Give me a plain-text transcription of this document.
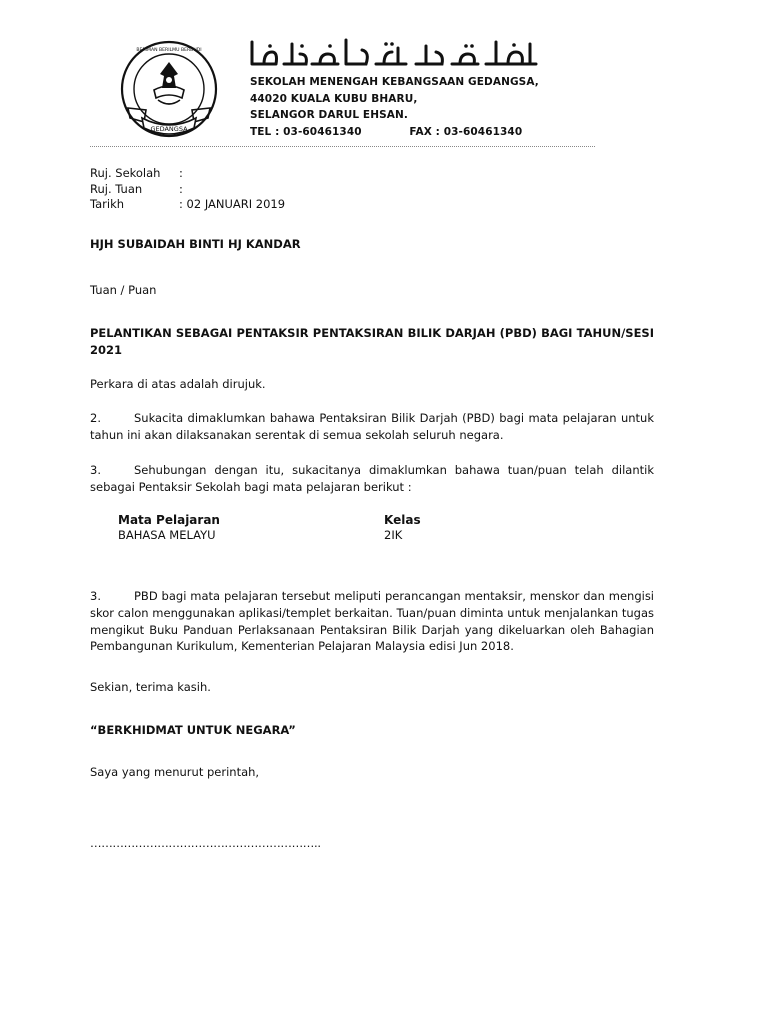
GEDANGSA
BERIMAN BERILMU BERBUDI
SEKOLAH MENENGAH KEBANGSAAN GEDANGSA,
44020 KUALA KUBU BHARU,
SELANGOR DARUL EHSAN.
TEL : 03-60461340	FAX : 03-60461340
Ruj. Sekolah	:
Ruj. Tuan	:
Tarikh	: 02 JANUARI 2019
HJH SUBAIDAH BINTI HJ KANDAR
Tuan / Puan
PELANTIKAN SEBAGAI PENTAKSIR PENTAKSIRAN BILIK DARJAH (PBD) BAGI TAHUN/SESI 2021
Perkara di atas adalah dirujuk.
2.	Sukacita dimaklumkan bahawa Pentaksiran Bilik Darjah (PBD) bagi mata pelajaran untuk tahun ini akan dilaksanakan serentak di semua sekolah seluruh negara.
3.	Sehubungan dengan itu, sukacitanya dimaklumkan bahawa tuan/puan telah dilantik sebagai Pentaksir Sekolah bagi mata pelajaran berikut :
Mata Pelajaran	Kelas
BAHASA MELAYU	2IK
3.	PBD bagi mata pelajaran tersebut meliputi perancangan mentaksir, menskor dan mengisi skor calon menggunakan aplikasi/templet berkaitan. Tuan/puan diminta untuk menjalankan tugas mengikut Buku Panduan Perlaksanaan Pentaksiran Bilik Darjah yang dikeluarkan oleh Bahagian Pembangunan Kurikulum, Kementerian Pelajaran Malaysia edisi Jun 2018.
Sekian, terima kasih.
“BERKHIDMAT UNTUK NEGARA”
Saya yang menurut perintah,
……………………………………………………..
